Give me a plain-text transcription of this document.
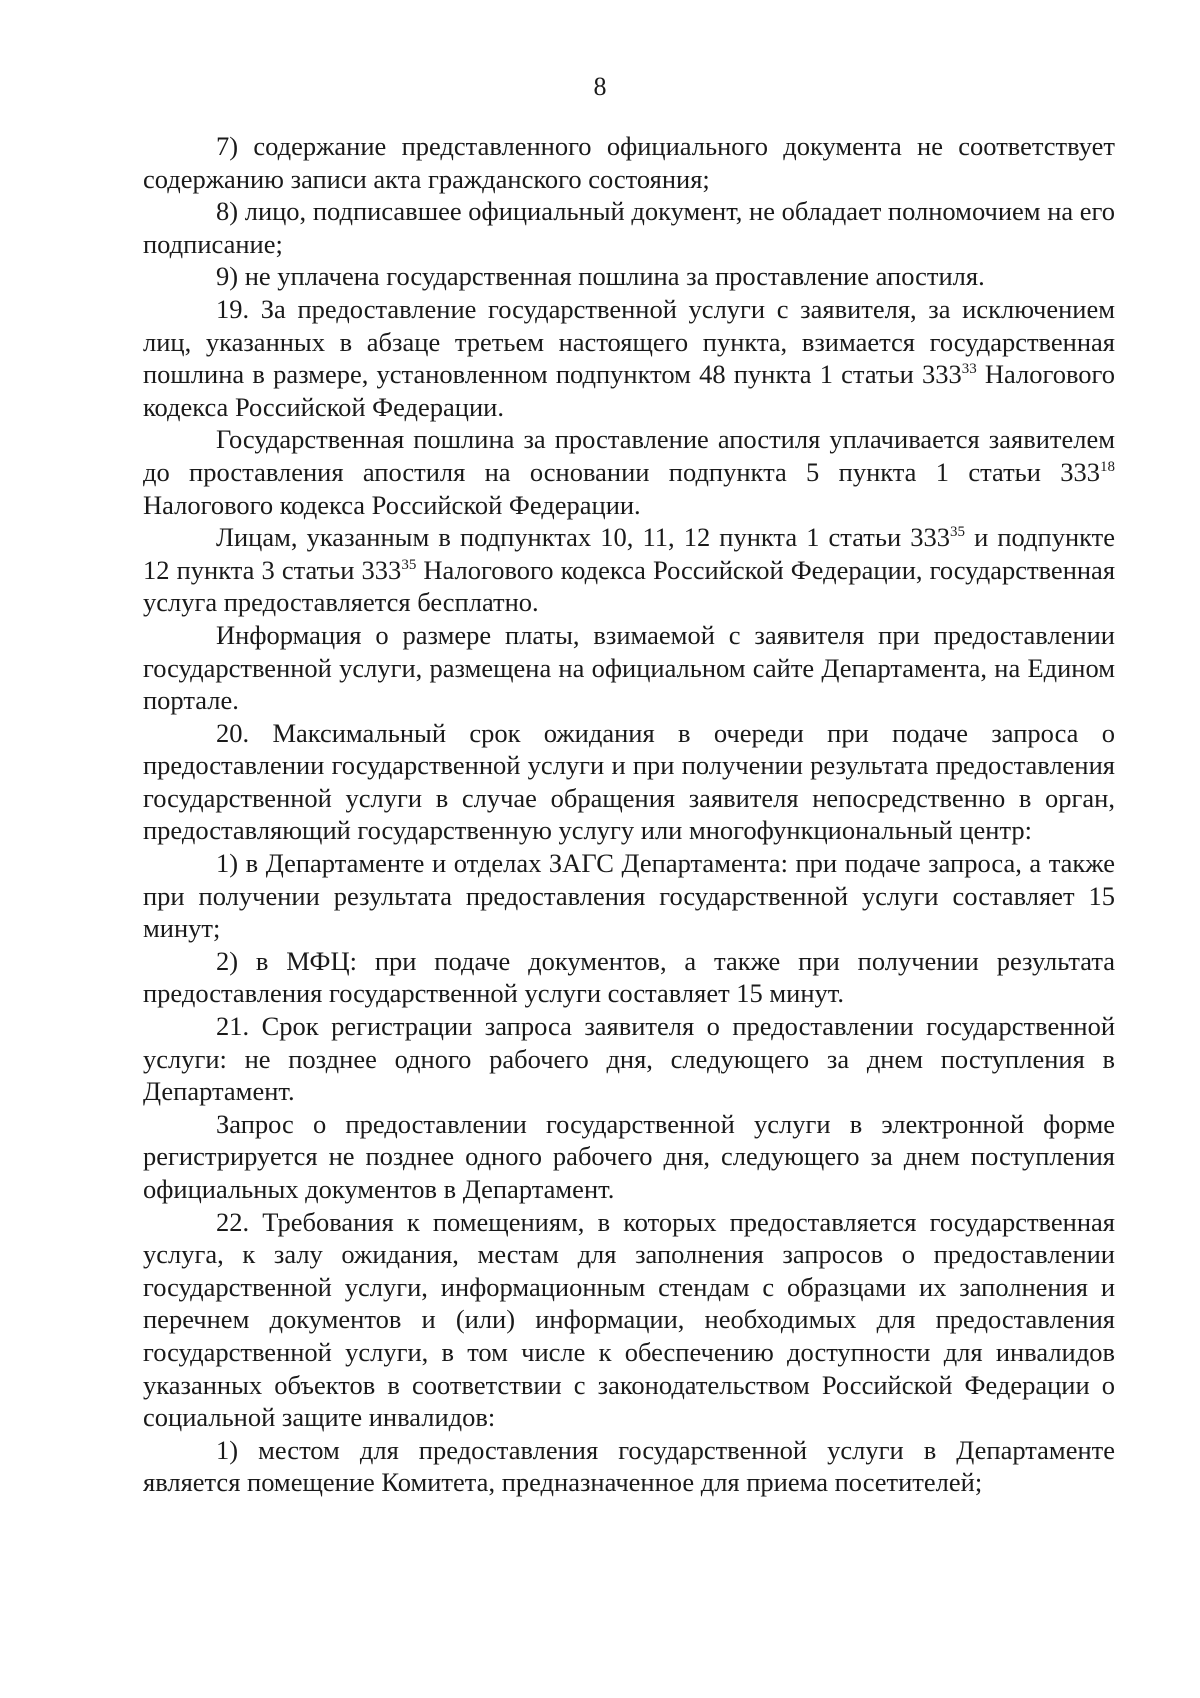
8

7) содержание представленного официального документа не соответствует содержанию записи акта гражданского состояния;

8) лицо, подписавшее официальный документ, не обладает полномочием на его подписание;

9) не уплачена государственная пошлина за проставление апостиля.

19. За предоставление государственной услуги с заявителя, за исключением лиц, указанных в абзаце третьем настоящего пункта, взимается государственная пошлина в размере, установленном подпунктом 48 пункта 1 статьи $333^{33}$ Налогового кодекса Российской Федерации.

Государственная пошлина за проставление апостиля уплачивается заявителем до проставления апостиля на основании подпункта 5 пункта 1 статьи $333^{18}$ Налогового кодекса Российской Федерации.

Лицам, указанным в подпунктах 10, 11, 12 пункта 1 статьи $333^{35}$ и подпункте 12 пункта 3 статьи $333^{35}$ Налогового кодекса Российской Федерации, государственная услуга предоставляется бесплатно.

Информация о размере платы, взимаемой с заявителя при предоставлении государственной услуги, размещена на официальном сайте Департамента, на Едином портале.

20. Максимальный срок ожидания в очереди при подаче запроса о предоставлении государственной услуги и при получении результата предоставления государственной услуги в случае обращения заявителя непосредственно в орган, предоставляющий государственную услугу или многофункциональный центр:

1) в Департаменте и отделах ЗАГС Департамента: при подаче запроса, а также при получении результата предоставления государственной услуги составляет 15 минут;

2) в МФЦ: при подаче документов, а также при получении результата предоставления государственной услуги составляет 15 минут.

21. Срок регистрации запроса заявителя о предоставлении государственной услуги: не позднее одного рабочего дня, следующего за днем поступления в Департамент.

Запрос о предоставлении государственной услуги в электронной форме регистрируется не позднее одного рабочего дня, следующего за днем поступления официальных документов в Департамент.

22. Требования к помещениям, в которых предоставляется государственная услуга, к залу ожидания, местам для заполнения запросов о предоставлении государственной услуги, информационным стендам с образцами их заполнения и перечнем документов и (или) информации, необходимых для предоставления государственной услуги, в том числе к обеспечению доступности для инвалидов указанных объектов в соответствии с законодательством Российской Федерации о социальной защите инвалидов:

1) местом для предоставления государственной услуги в Департаменте является помещение Комитета, предназначенное для приема посетителей;
